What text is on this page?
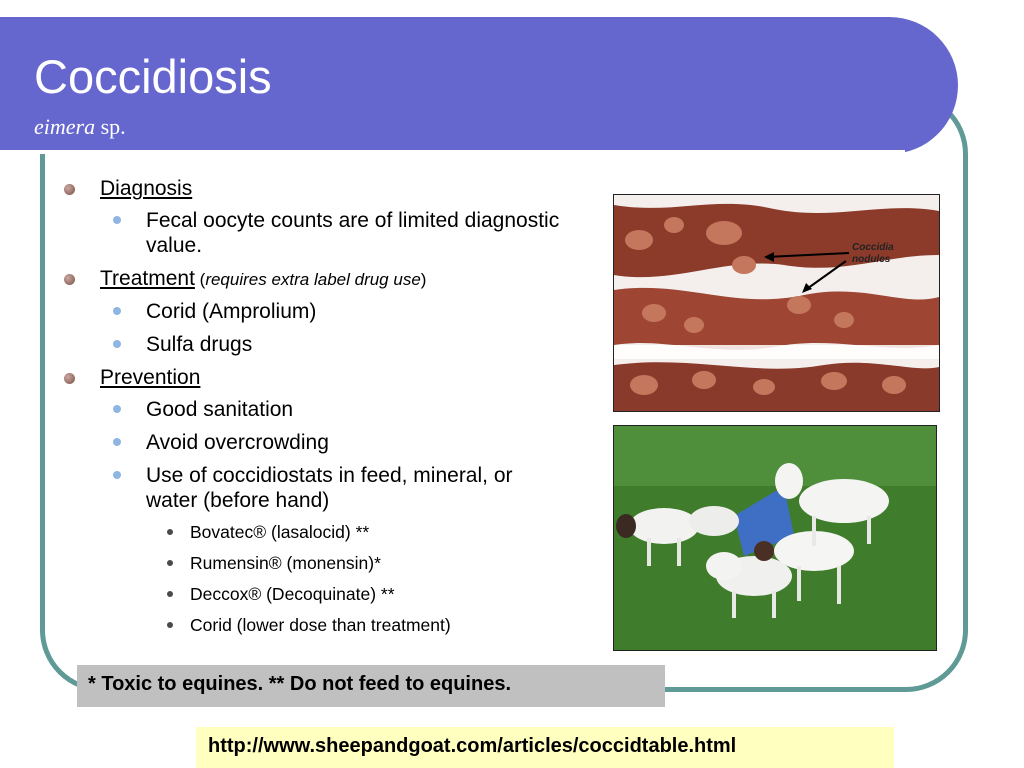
Coccidiosis
eimera sp.
Diagnosis
Fecal oocyte counts are of limited diagnostic value.
Treatment (requires extra label drug use)
Corid (Amprolium)
Sulfa drugs
Prevention
Good sanitation
Avoid overcrowding
Use of coccidiostats in feed, mineral, or water (before hand)
Bovatec® (lasalocid) **
Rumensin® (monensin)*
Deccox® (Decoquinate) **
Corid (lower dose than treatment)
Coccidia
nodules
* Toxic to equines. ** Do not feed to equines.
http://www.sheepandgoat.com/articles/coccidtable.html
